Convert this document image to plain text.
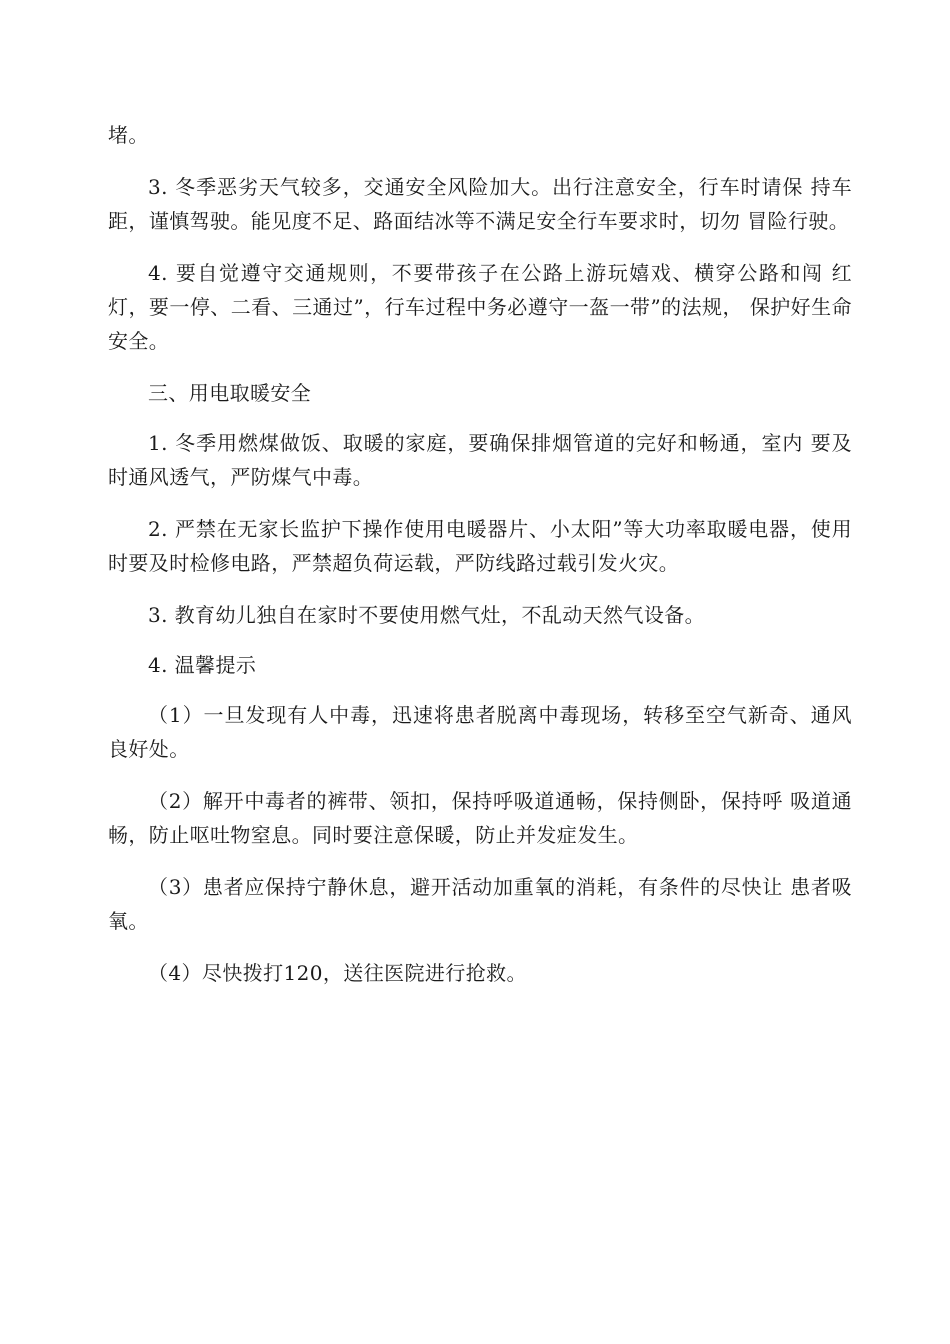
堵。

3. 冬季恶劣天气较多，交通安全风险加大。出行注意安全，行车时请保 持车距，谨慎驾驶。能见度不足、路面结冰等不满足安全行车要求时，切勿 冒险行驶。

4. 要自觉遵守交通规则，不要带孩子在公路上游玩嬉戏、横穿公路和闯 红灯，要一停、二看、三通过”，行车过程中务必遵守一盔一带”的法规， 保护好生命安全。

三、用电取暖安全

1. 冬季用燃煤做饭、取暖的家庭，要确保排烟管道的完好和畅通，室内 要及时通风透气，严防煤气中毒。

2. 严禁在无家长监护下操作使用电暖器片、小太阳”等大功率取暖电器，使用时要及时检修电路，严禁超负荷运载，严防线路过载引发火灾。

3. 教育幼儿独自在家时不要使用燃气灶，不乱动天然气设备。

4. 温馨提示

（1）一旦发现有人中毒，迅速将患者脱离中毒现场，转移至空气新奇、通风良好处。

（2）解开中毒者的裤带、领扣，保持呼吸道通畅，保持侧卧，保持呼 吸道通畅，防止呕吐物窒息。同时要注意保暖，防止并发症发生。

（3）患者应保持宁静休息，避开活动加重氧的消耗，有条件的尽快让 患者吸氧。

（4）尽快拨打120，送往医院进行抢救。
